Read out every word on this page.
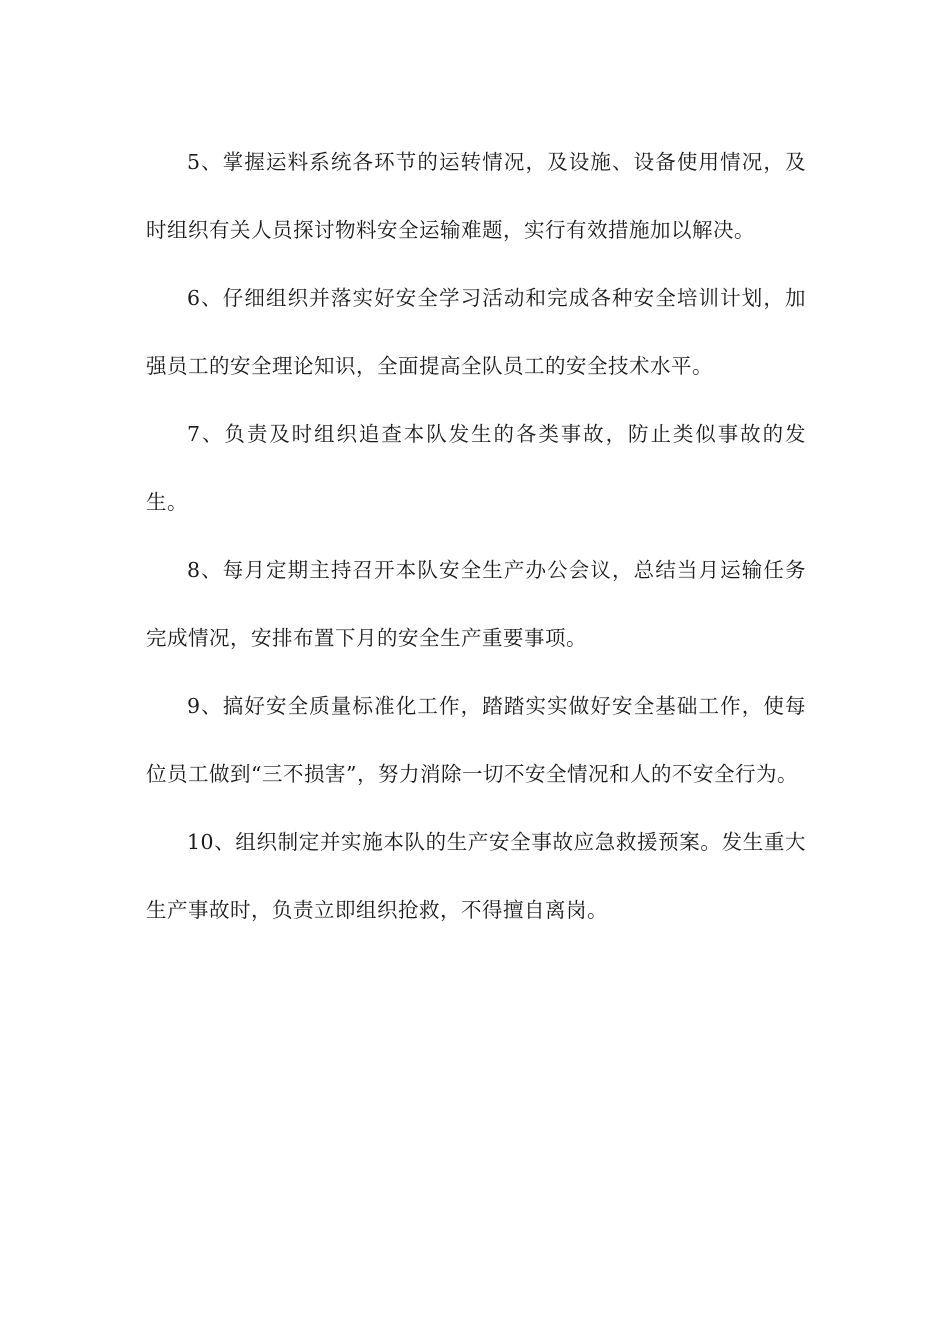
5、掌握运料系统各环节的运转情况，及设施、设备使用情况，及时组织有关人员探讨物料安全运输难题，实行有效措施加以解决。

6、仔细组织并落实好安全学习活动和完成各种安全培训计划，加强员工的安全理论知识，全面提高全队员工的安全技术水平。

7、负责及时组织追查本队发生的各类事故，防止类似事故的发生。

8、每月定期主持召开本队安全生产办公会议，总结当月运输任务完成情况，安排布置下月的安全生产重要事项。

9、搞好安全质量标准化工作，踏踏实实做好安全基础工作，使每位员工做到“三不损害”，努力消除一切不安全情况和人的不安全行为。

10、组织制定并实施本队的生产安全事故应急救援预案。发生重大生产事故时，负责立即组织抢救，不得擅自离岗。
